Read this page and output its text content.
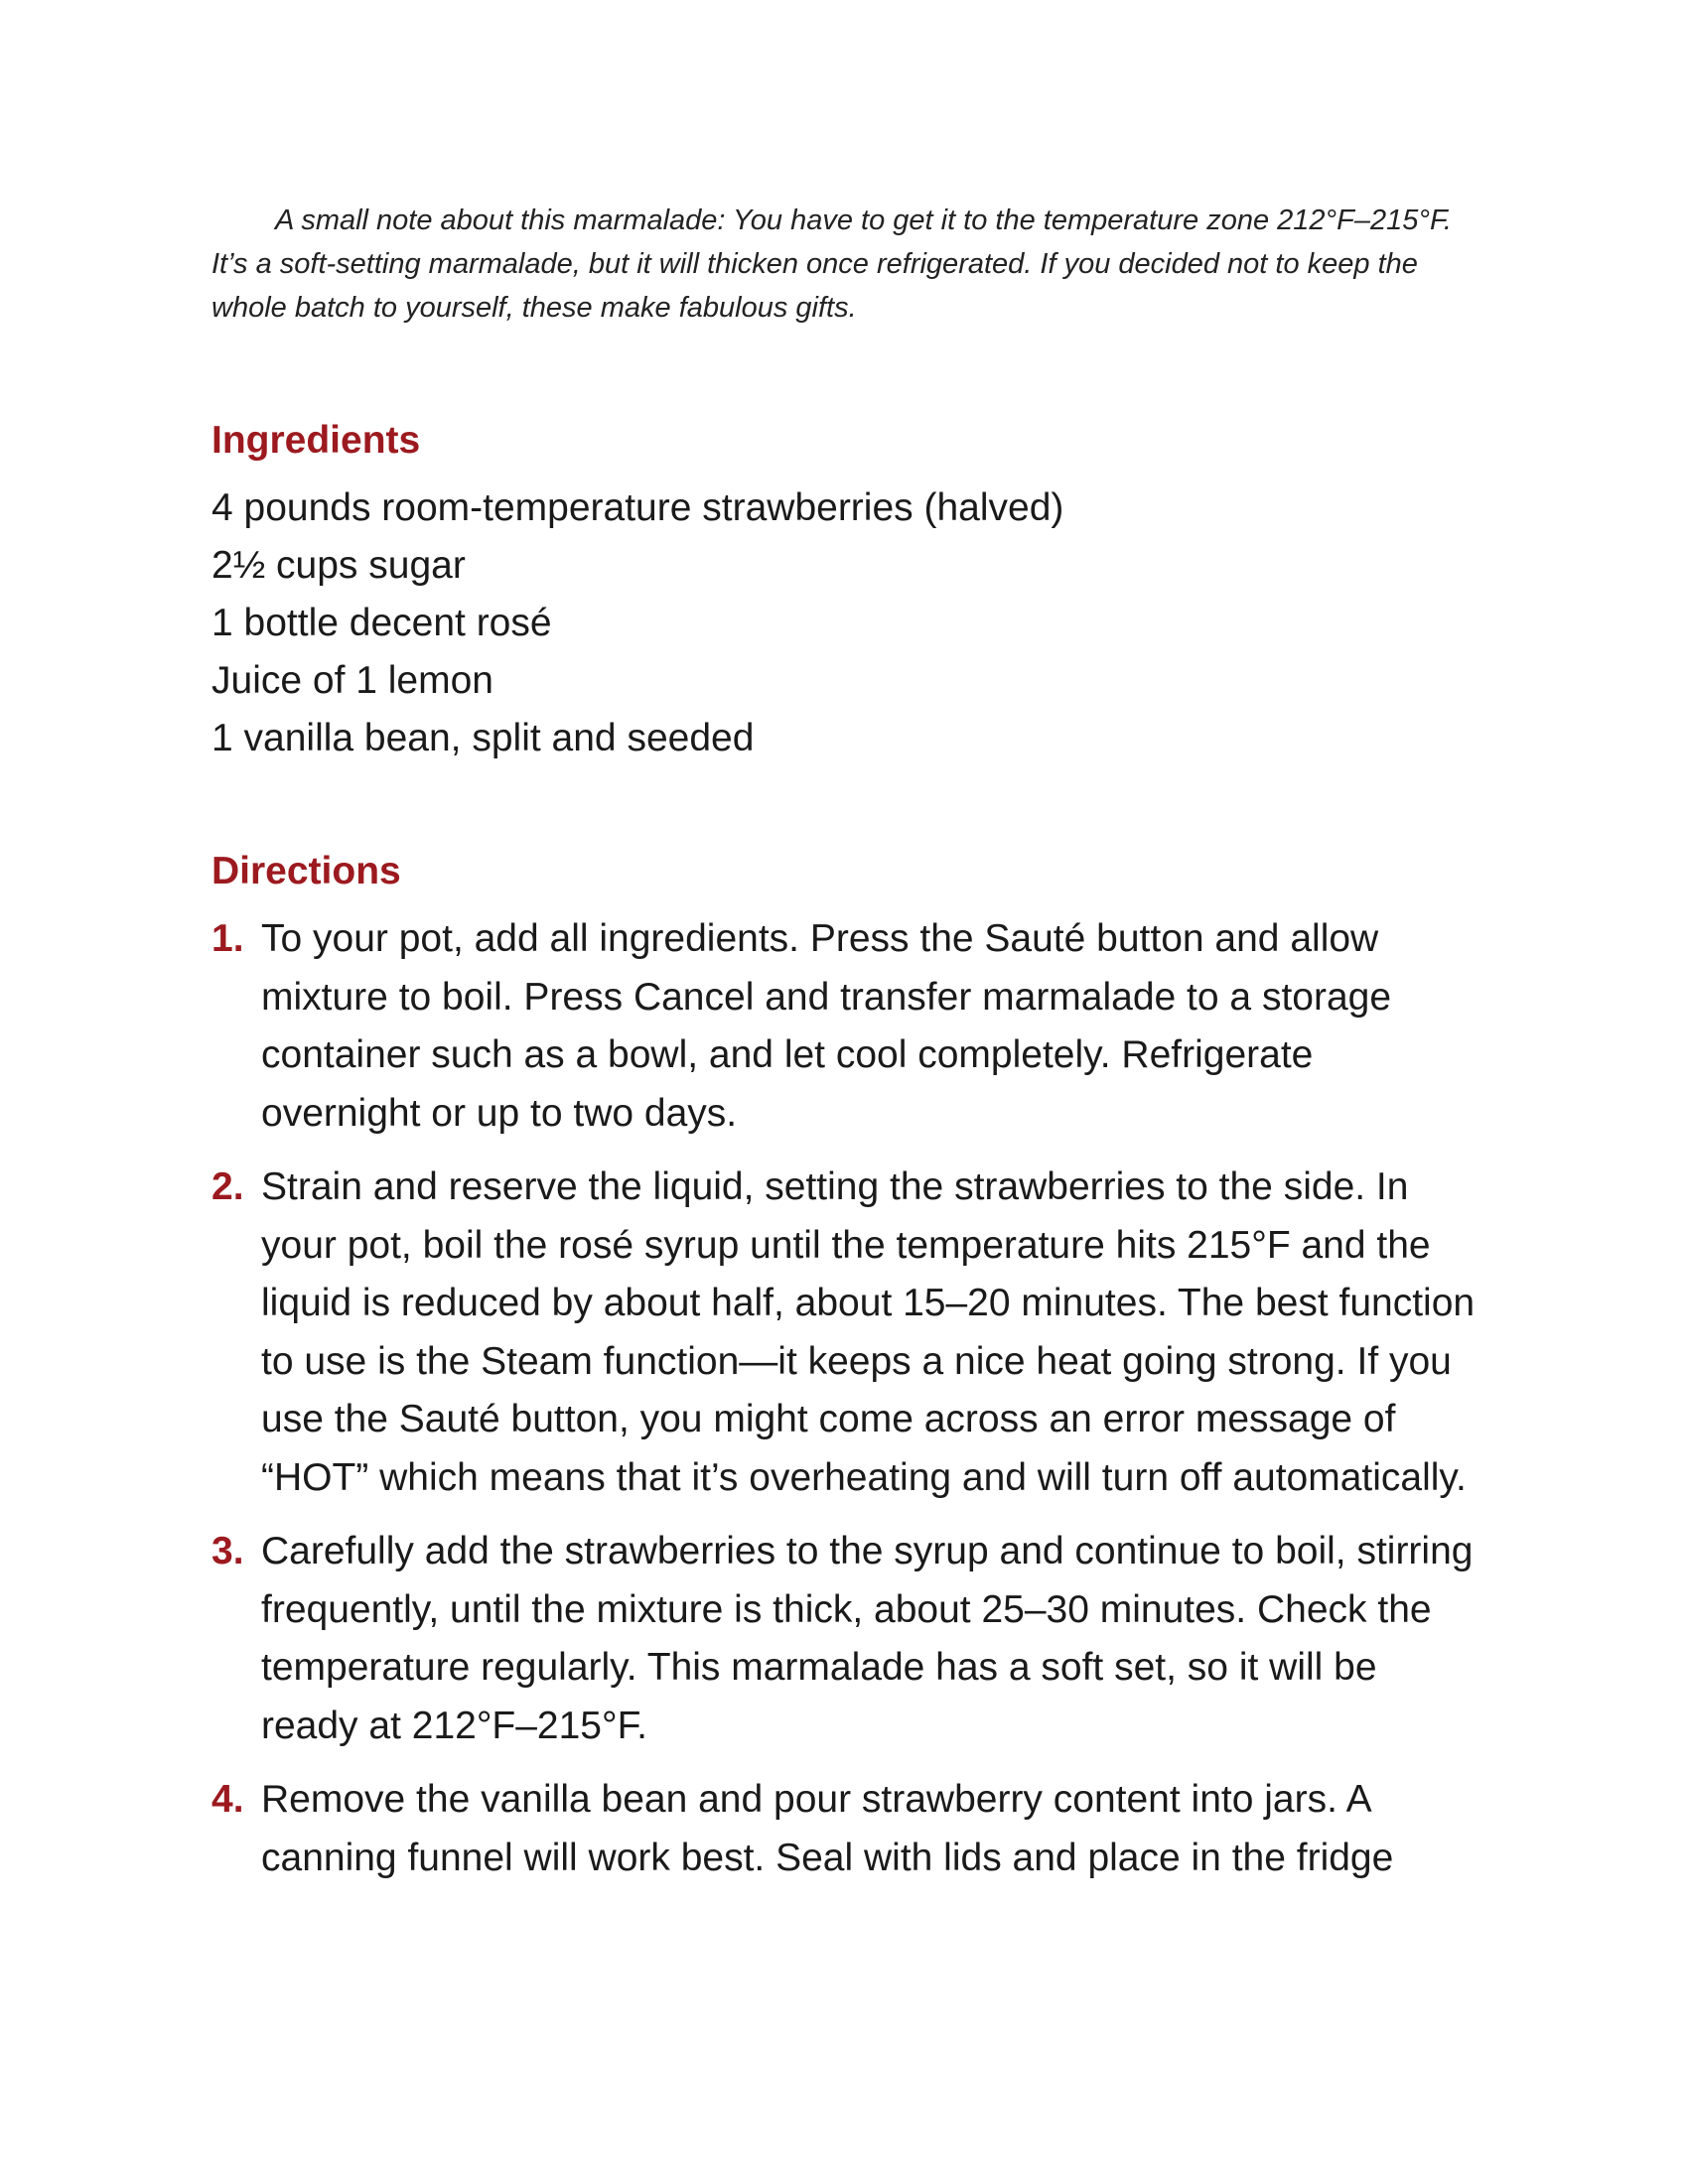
A small note about this marmalade: You have to get it to the temperature zone 212°F–215°F. It’s a soft-setting marmalade, but it will thicken once refrigerated. If you decided not to keep the whole batch to yourself, these make fabulous gifts.

Ingredients
4 pounds room-temperature strawberries (halved)
2½ cups sugar
1 bottle decent rosé
Juice of 1 lemon
1 vanilla bean, split and seeded
Directions
1. To your pot, add all ingredients. Press the Sauté button and allow mixture to boil. Press Cancel and transfer marmalade to a storage container such as a bowl, and let cool completely. Refrigerate overnight or up to two days.
2. Strain and reserve the liquid, setting the strawberries to the side. In your pot, boil the rosé syrup until the temperature hits 215°F and the liquid is reduced by about half, about 15–20 minutes. The best function to use is the Steam function—it keeps a nice heat going strong. If you use the Sauté button, you might come across an error message of “HOT” which means that it’s overheating and will turn off automatically.
3. Carefully add the strawberries to the syrup and continue to boil, stirring frequently, until the mixture is thick, about 25–30 minutes. Check the temperature regularly. This marmalade has a soft set, so it will be ready at 212°F–215°F.
4. Remove the vanilla bean and pour strawberry content into jars. A canning funnel will work best. Seal with lids and place in the fridge
